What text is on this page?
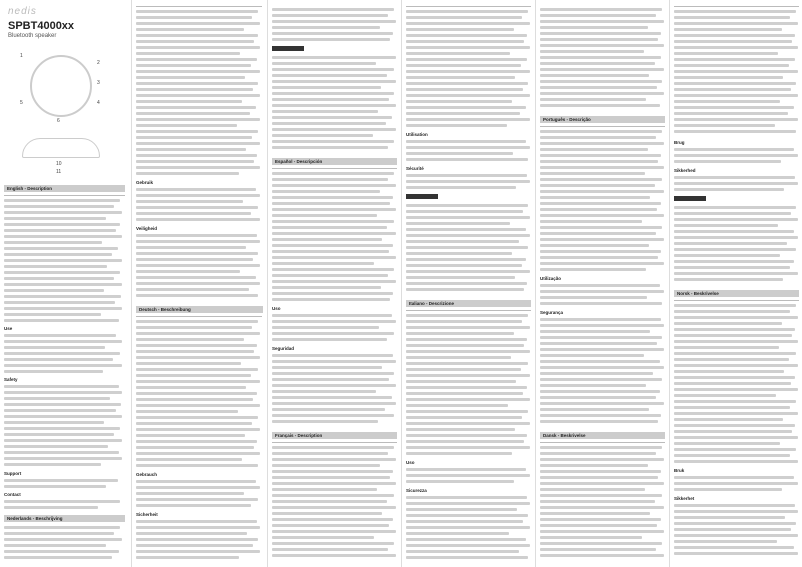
nedis
SPBT4000xx
Bluetooth speaker
1
2
3
4
5
6
10
11
English - Description
Use
Safety
Support
Contact
Nederlands - Beschrijving
Gebruik
Veiligheid
Deutsch - Beschreibung
Gebrauch
Sicherheit
Español - Descripción
Uso
Seguridad
Français - Description
Utilisation
Sécurité
Italiano - Descrizione
Uso
Sicurezza
Português - Descrição
Utilização
Segurança
Dansk - Beskrivelse
Brug
Sikkerhed
Norsk - Beskrivelse
Bruk
Sikkerhet
